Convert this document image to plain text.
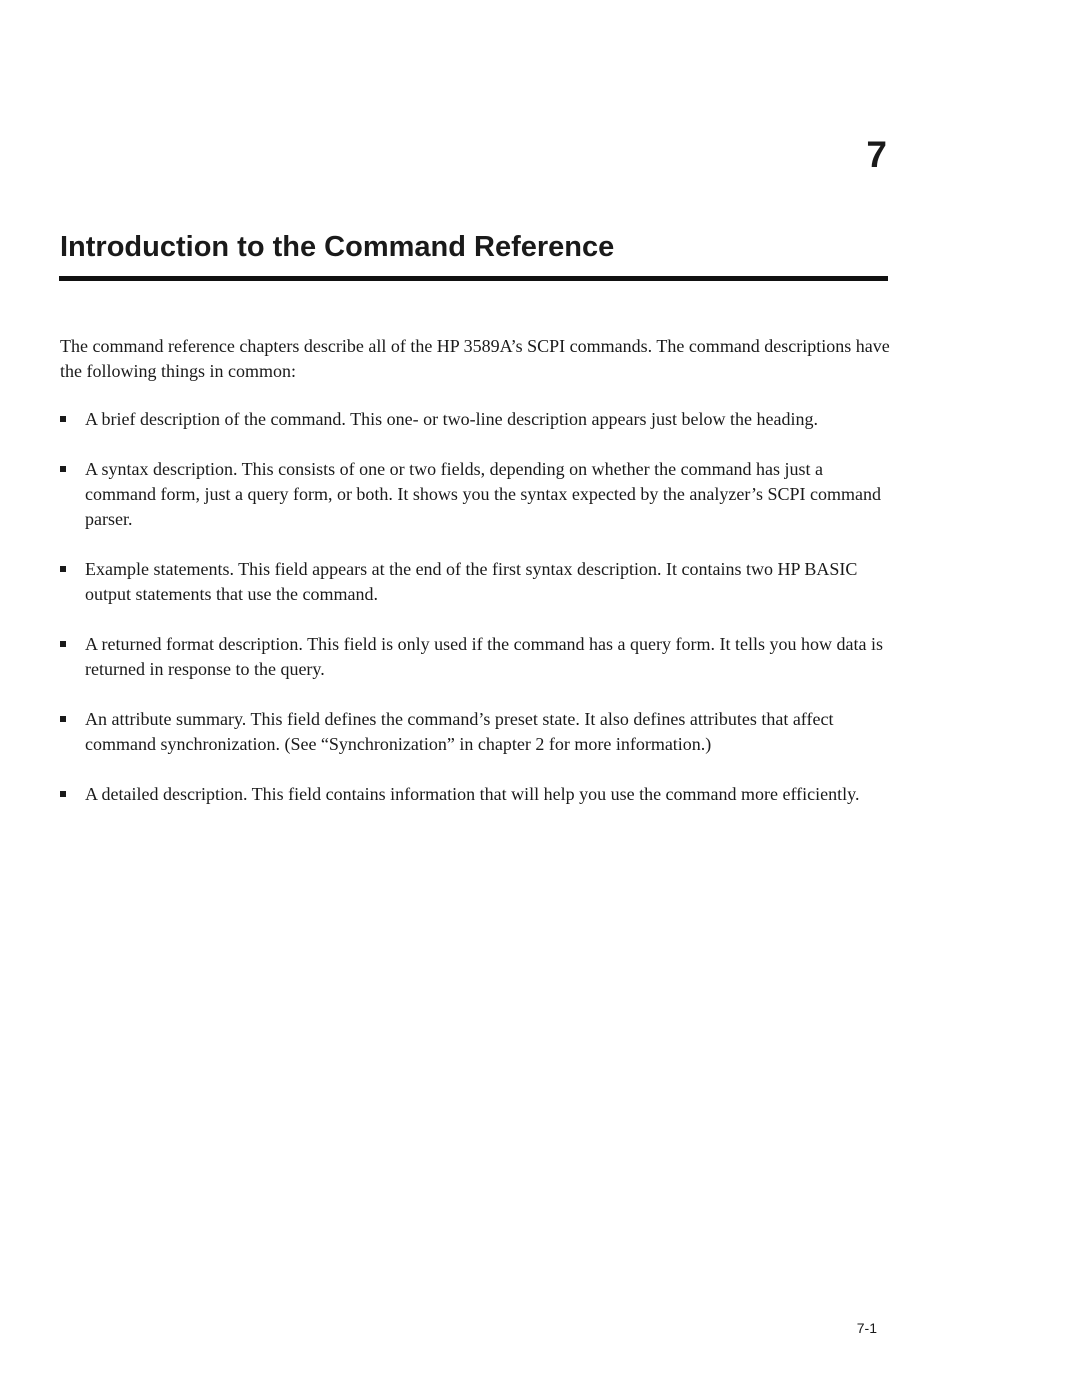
7
Introduction to the Command Reference

The command reference chapters describe all of the HP 3589A’s SCPI commands. The command descriptions have the following things in common:

A brief description of the command. This one- or two-line description appears just below the heading.
A syntax description. This consists of one or two fields, depending on whether the command has just a command form, just a query form, or both. It shows you the syntax expected by the analyzer’s SCPI command parser.
Example statements. This field appears at the end of the first syntax description. It contains two HP BASIC output statements that use the command.
A returned format description. This field is only used if the command has a query form. It tells you how data is returned in response to the query.
An attribute summary. This field defines the command’s preset state. It also defines attributes that affect command synchronization. (See “Synchronization” in chapter 2 for more information.)
A detailed description. This field contains information that will help you use the command more efficiently.
7-1
